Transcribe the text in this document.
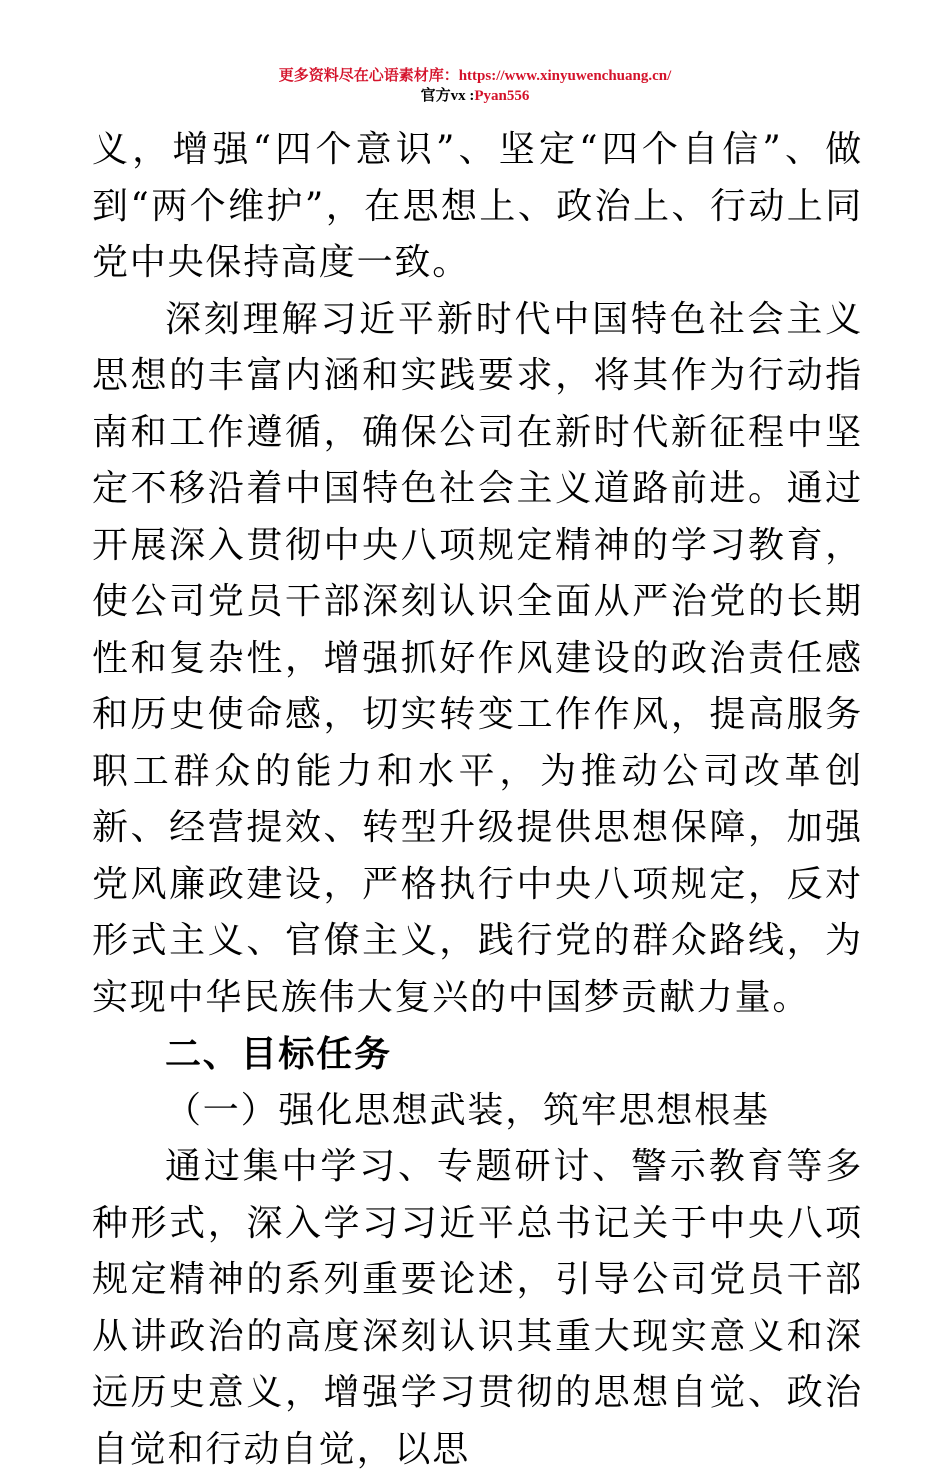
更多资料尽在心语素材库：https://www.xinyuwenchuang.cn/
官方vx :Pyan556

义，增强“四个意识”、坚定“四个自信”、做到“两个维护”，在思想上、政治上、行动上同党中央保持高度一致。

深刻理解习近平新时代中国特色社会主义思想的丰富内涵和实践要求，将其作为行动指南和工作遵循，确保公司在新时代新征程中坚定不移沿着中国特色社会主义道路前进。通过开展深入贯彻中央八项规定精神的学习教育，使公司党员干部深刻认识全面从严治党的长期性和复杂性，增强抓好作风建设的政治责任感和历史使命感，切实转变工作作风，提高服务职工群众的能力和水平，为推动公司改革创新、经营提效、转型升级提供思想保障，加强党风廉政建设，严格执行中央八项规定，反对形式主义、官僚主义，践行党的群众路线，为实现中华民族伟大复兴的中国梦贡献力量。

二、目标任务

（一）强化思想武装，筑牢思想根基

通过集中学习、专题研讨、警示教育等多种形式，深入学习习近平总书记关于中央八项规定精神的系列重要论述，引导公司党员干部从讲政治的高度深刻认识其重大现实意义和深远历史意义，增强学习贯彻的思想自觉、政治自觉和行动自觉，以思
